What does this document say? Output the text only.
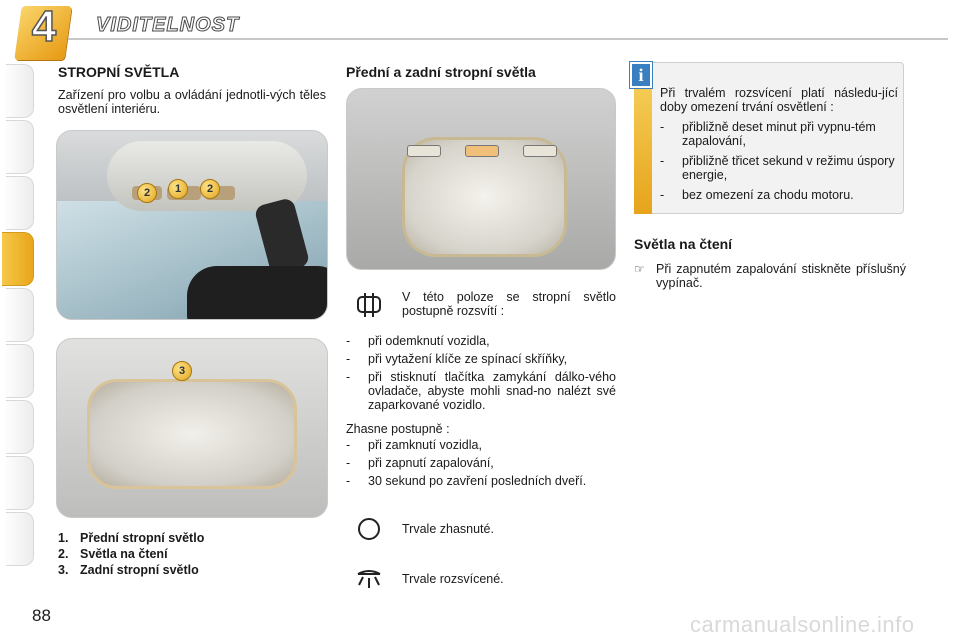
4	VIDITELNOST
STROPNÍ SVĚTLA

Zařízení pro volbu a ovládání jednotli-vých těles osvětlení interiéru.

2	1	2
3
1. Přední stropní světlo
2. Světla na čtení
3. Zadní stropní světlo
Přední a zadní stropní světla

V této poloze se stropní světlo postupně rozsvítí :

-	při odemknutí vozidla,
-	při vytažení klíče ze spínací skříňky,
-	při stisknutí tlačítka zamykání dálko-vého ovladače, abyste mohli snad-no nalézt své zaparkované vozidlo.

Zhasne postupně :

-	při zamknutí vozidla,
-	při zapnutí zapalování,
-	30 sekund po zavření posledních dveří.

Trvale zhasnuté.

Trvale rozsvícené.

i

Při trvalém rozsvícení platí následu-jící doby omezení trvání osvětlení :

-	přibližně deset minut při vypnu-tém zapalování,
-	přibližně třicet sekund v režimu úspory energie,
-	bez omezení za chodu motoru.
Světla na čtení
☞ Při zapnutém zapalování stiskněte příslušný vypínač.

88	carmanualsonline.info
